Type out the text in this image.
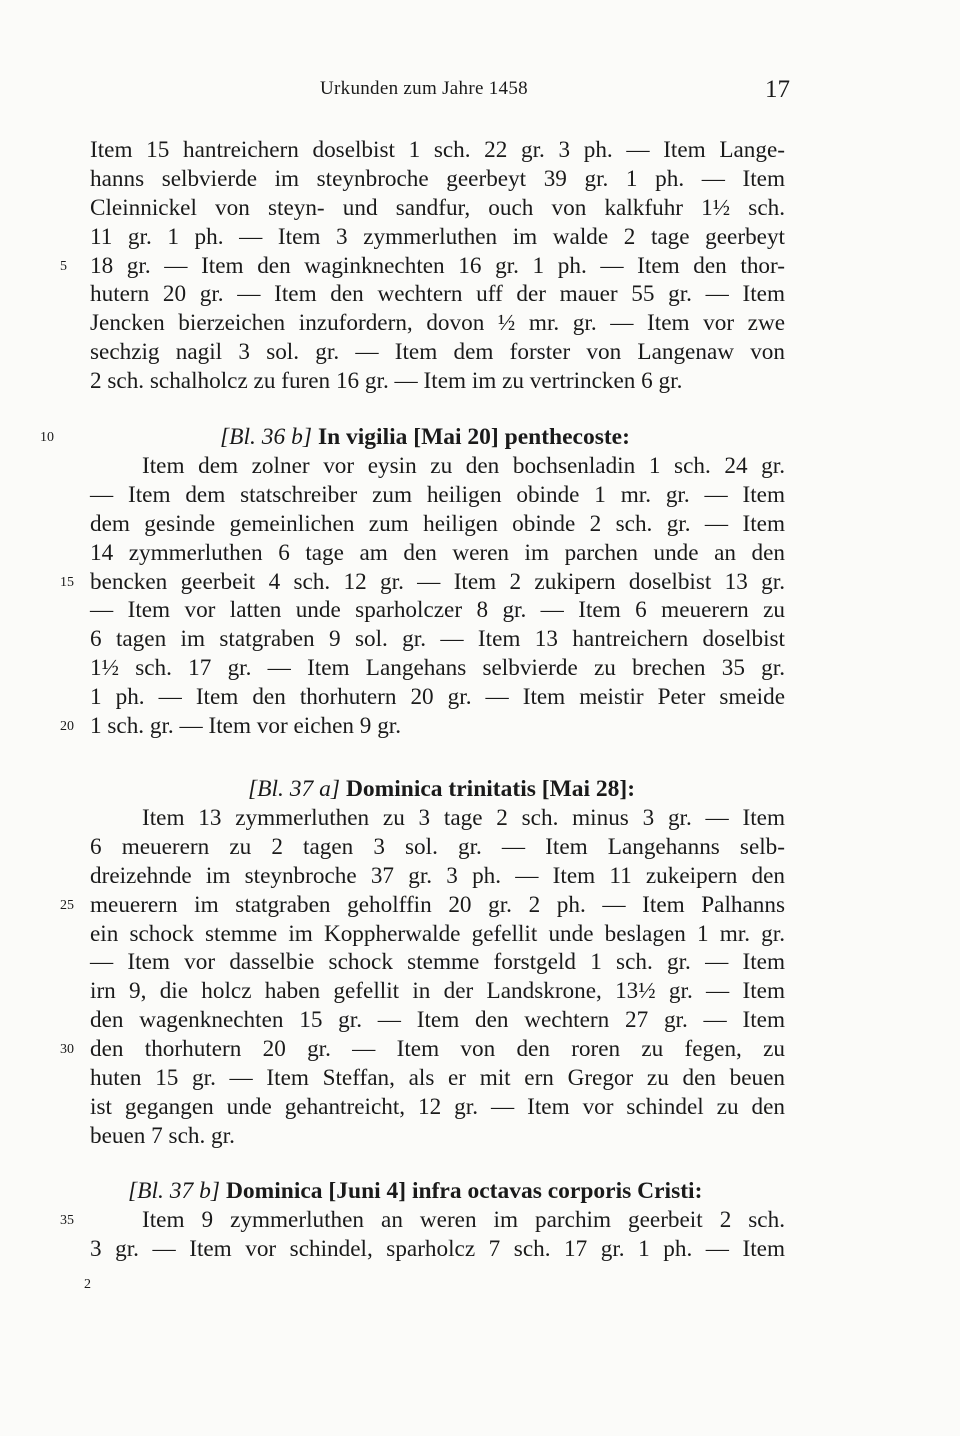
Urkunden zum Jahre 1458	17
Item 15 hantreichern doselbist 1 sch. 22 gr. 3 ph. — Item Lange-
hanns selbvierde im steynbroche geerbeyt 39 gr. 1 ph. — Item
Cleinnickel von steyn- und sandfur, ouch von kalkfuhr 1½ sch.
11 gr. 1 ph. — Item 3 zymmerluthen im walde 2 tage geerbeyt
5 18 gr. — Item den waginknechten 16 gr. 1 ph. — Item den thor-
hutern 20 gr. — Item den wechtern uff der mauer 55 gr. — Item
Jencken bierzeichen inzufordern, dovon ½ mr. gr. — Item vor zwe
sechzig nagil 3 sol. gr. — Item dem forster von Langenaw von
2 sch. schalholcz zu furen 16 gr. — Item im zu vertrincken 6 gr.
10	[Bl. 36 b] In vigilia [Mai 20] penthecoste:
Item dem zolner vor eysin zu den bochsenladin 1 sch. 24 gr.
— Item dem statschreiber zum heiligen obinde 1 mr. gr. — Item
dem gesinde gemeinlichen zum heiligen obinde 2 sch. gr. — Item
14 zymmerluthen 6 tage am den weren im parchen unde an den
15 bencken geerbeit 4 sch. 12 gr. — Item 2 zukipern doselbist 13 gr.
— Item vor latten unde sparholczer 8 gr. — Item 6 meuerern zu
6 tagen im statgraben 9 sol. gr. — Item 13 hantreichern doselbist
1½ sch. 17 gr. — Item Langehans selbvierde zu brechen 35 gr.
1 ph. — Item den thorhutern 20 gr. — Item meistir Peter smeide
20 1 sch. gr. — Item vor eichen 9 gr.
[Bl. 37 a] Dominica trinitatis [Mai 28]:
Item 13 zymmerluthen zu 3 tage 2 sch. minus 3 gr. — Item
6 meuerern zu 2 tagen 3 sol. gr. — Item Langehanns selb-
dreizehnde im steynbroche 37 gr. 3 ph. — Item 11 zukeipern den
25 meuerern im statgraben geholffin 20 gr. 2 ph. — Item Palhanns
ein schock stemme im Koppherwalde gefellit unde beslagen 1 mr. gr.
— Item vor dasselbie schock stemme forstgeld 1 sch. gr. — Item
irn 9, die holcz haben gefellit in der Landskrone, 13½ gr. — Item
den wagenknechten 15 gr. — Item den wechtern 27 gr. — Item
30 den thorhutern 20 gr. — Item von den roren zu fegen, zu
huten 15 gr. — Item Steffan, als er mit ern Gregor zu den beuen
ist gegangen unde gehantreicht, 12 gr. — Item vor schindel zu den
beuen 7 sch. gr.
[Bl. 37 b] Dominica [Juni 4] infra octavas corporis Cristi:
35	Item 9 zymmerluthen an weren im parchim geerbeit 2 sch.
3 gr. — Item vor schindel, sparholcz 7 sch. 17 gr. 1 ph. — Item
2
